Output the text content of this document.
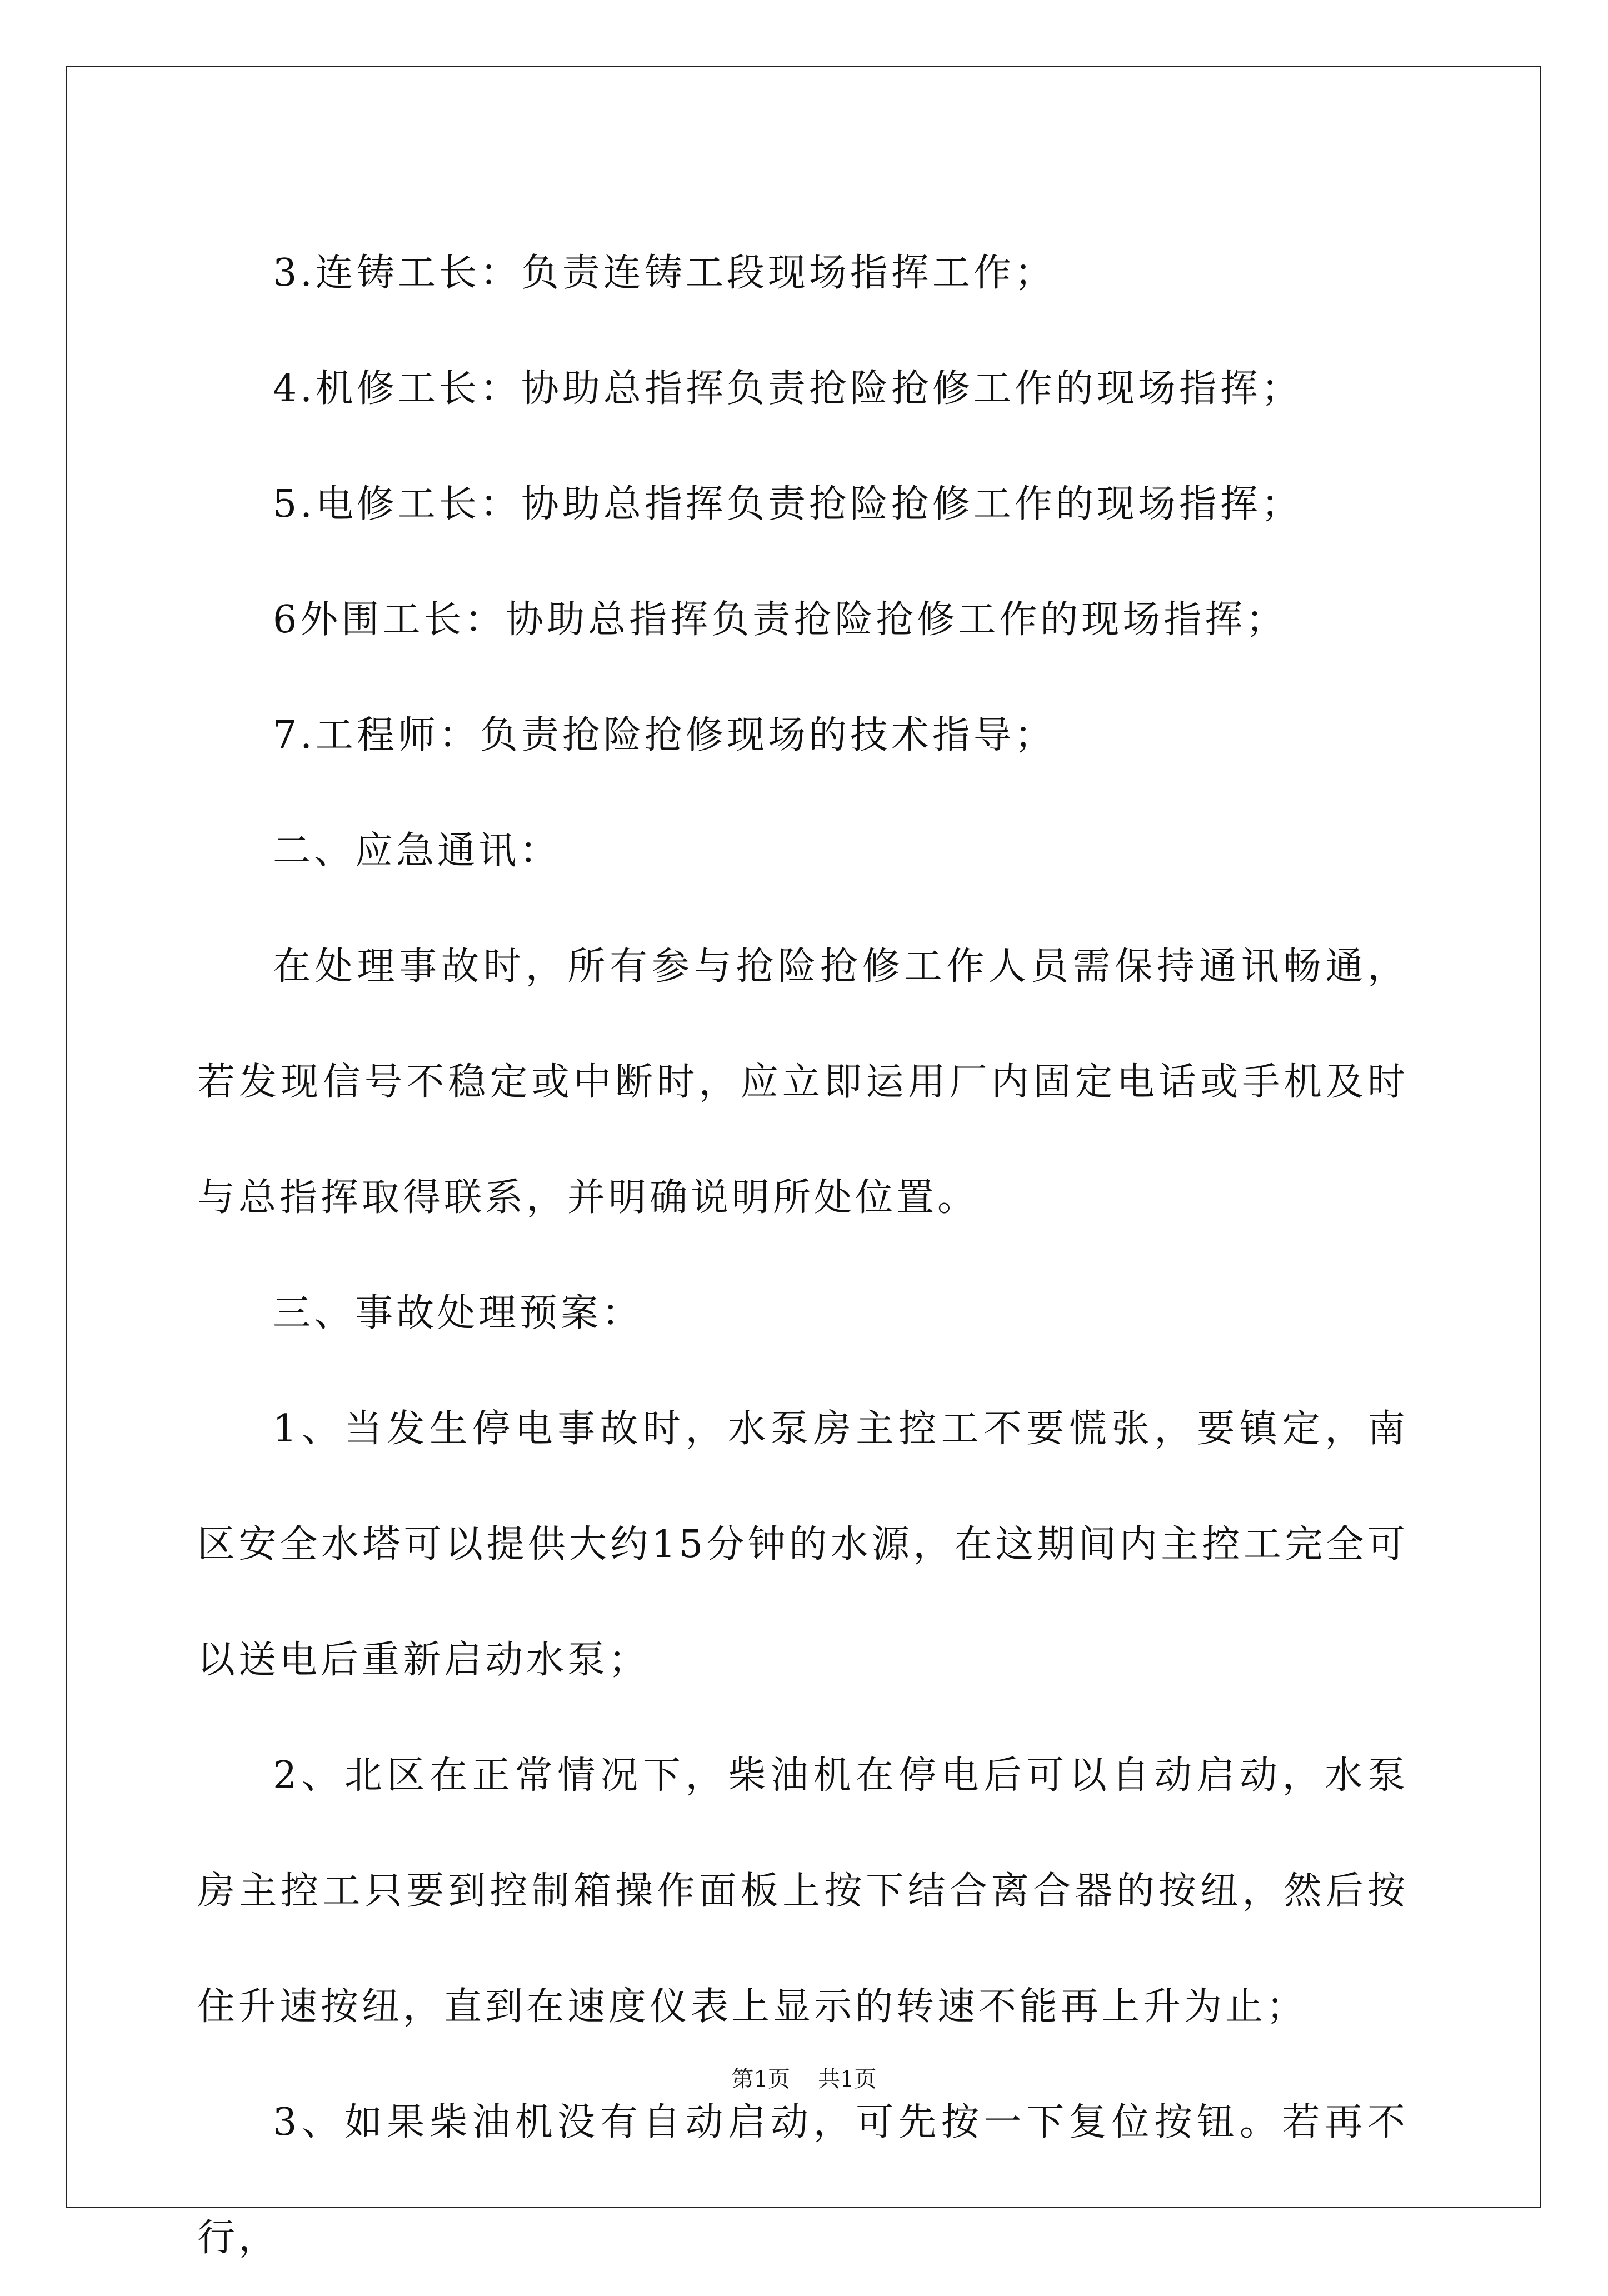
3.连铸工长：负责连铸工段现场指挥工作；

4.机修工长：协助总指挥负责抢险抢修工作的现场指挥；

5.电修工长：协助总指挥负责抢险抢修工作的现场指挥；

6外围工长：协助总指挥负责抢险抢修工作的现场指挥；

7.工程师：负责抢险抢修现场的技术指导；

二、应急通讯：

在处理事故时，所有参与抢险抢修工作人员需保持通讯畅通，若发现信号不稳定或中断时，应立即运用厂内固定电话或手机及时与总指挥取得联系，并明确说明所处位置。

三、事故处理预案：

1、当发生停电事故时，水泵房主控工不要慌张，要镇定，南区安全水塔可以提供大约15分钟的水源，在这期间内主控工完全可以送电后重新启动水泵；

2、北区在正常情况下，柴油机在停电后可以自动启动，水泵房主控工只要到控制箱操作面板上按下结合离合器的按纽，然后按住升速按纽，直到在速度仪表上显示的转速不能再上升为止；

3、如果柴油机没有自动启动，可先按一下复位按钮。若再不行，

第1页 共1页
